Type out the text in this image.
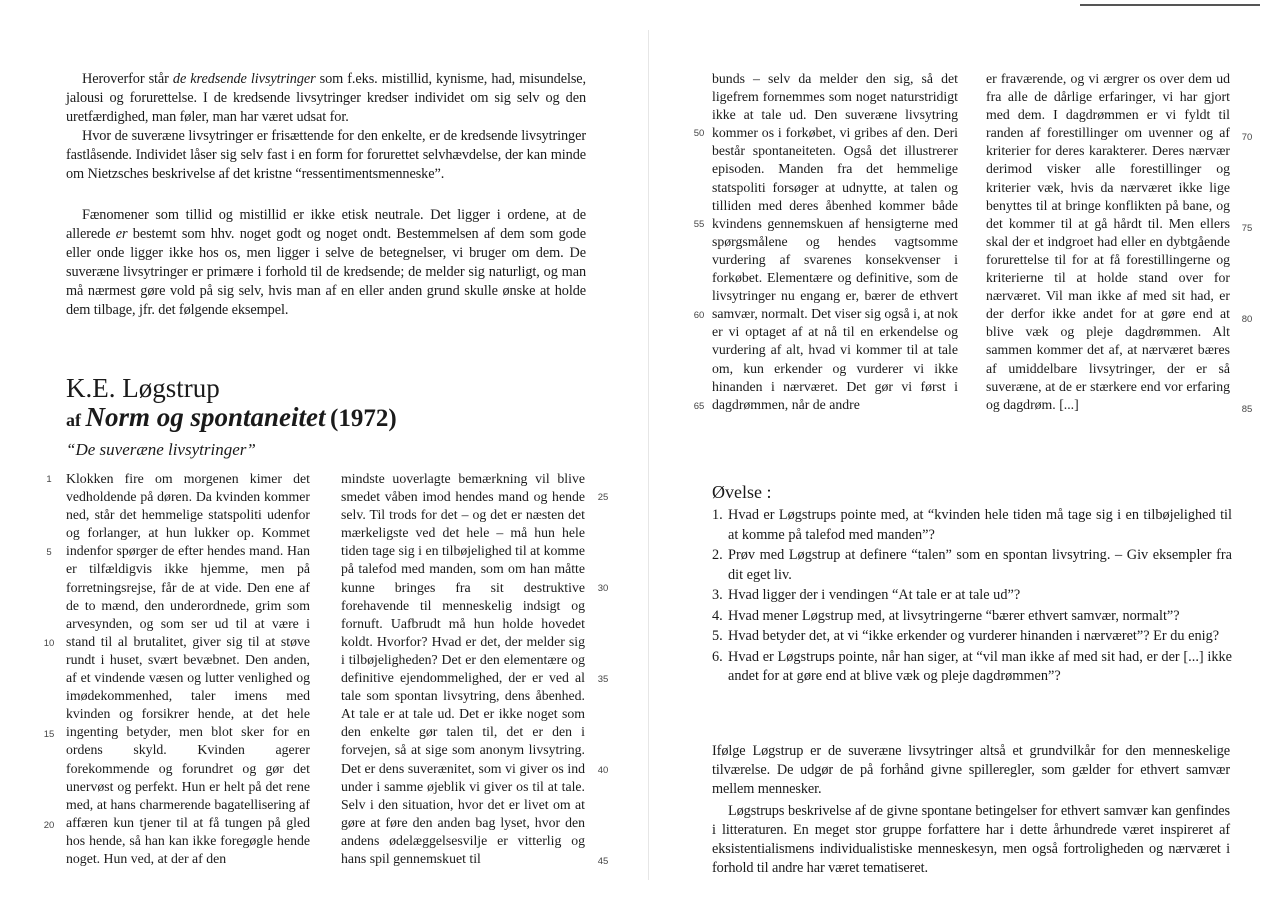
Heroverfor står de kredsende livsytringer som f.eks. mistillid, kynisme, had, misundelse, jalousi og forurettelse. I de kredsende livsytringer kredser individet om sig selv og den uretfærdighed, man føler, man har været udsat for.

Hvor de suveræne livsytringer er frisættende for den enkelte, er de kredsende livsytringer fastlåsende. Individet låser sig selv fast i en form for forurettet selvhævdelse, der kan minde om Nietzsches beskrivelse af det kristne “ressentimentsmenneske”.

Fænomener som tillid og mistillid er ikke etisk neutrale. Det ligger i ordene, at de allerede er bestemt som hhv. noget godt og noget ondt. Bestemmelsen af dem som gode eller onde ligger ikke hos os, men ligger i selve de betegnelser, vi bruger om dem. De suveræne livsytringer er primære i forhold til de kredsende; de melder sig naturligt, og man må nærmest gøre vold på sig selv, hvis man af en eller anden grund skulle ønske at holde dem tilbage, jfr. det følgende eksempel.

K.E. Løgstrup
af Norm og spontaneitet (1972)

“De suveræne livsytringer”

Klokken fire om morgenen kimer det vedholdende på døren. Da kvinden kommer ned, står det hemmelige statspoliti udenfor og forlanger, at hun lukker op. Kommet indenfor spørger de efter hendes mand. Han er tilfældigvis ikke hjemme, men på forretningsrejse, får de at vide. Den ene af de to mænd, den underordnede, grim som arvesynden, og som ser ud til at være i stand til al brutalitet, giver sig til at støve rundt i huset, svært bevæbnet. Den anden, af et vindende væsen og lutter venlighed og imødekommenhed, taler imens med kvinden og forsikrer hende, at det hele ingenting betyder, men blot sker for en ordens skyld. Kvinden agerer forekommende og forundret og gør det unervøst og perfekt. Hun er helt på det rene med, at hans charmerende bagatellisering af affæren kun tjener til at få tungen på gled hos hende, så han kan ikke foregøgle hende noget. Hun ved, at der af den

mindste uoverlagte bemærkning vil blive smedet våben imod hendes mand og hende selv. Til trods for det – og det er næsten det mærkeligste ved det hele – må hun hele tiden tage sig i en tilbøjelighed til at komme på talefod med manden, som om han måtte kunne bringes fra sit destruktive forehavende til menneskelig indsigt og fornuft. Uafbrudt må hun holde hovedet koldt. Hvorfor? Hvad er det, der melder sig i tilbøjeligheden? Det er den elementære og definitive ejendommelighed, der er ved al tale som spontan livsytring, dens åbenhed. At tale er at tale ud. Det er ikke noget som den enkelte gør talen til, det er den i forvejen, så at sige som anonym livsytring. Det er dens suverænitet, som vi giver os ind under i samme øjeblik vi giver os til at tale. Selv i den situation, hvor det er livet om at gøre at føre den anden bag lyset, hvor den andens ødelæggelsesvilje er vitterlig og hans spil gennemskuet til

1
5
10
15
20
25
30
35
40
45

bunds – selv da melder den sig, så det ligefrem fornemmes som noget naturstridigt ikke at tale ud. Den suveræne livsytring kommer os i forkøbet, vi gribes af den. Deri består spontaneiteten. Også det illustrerer episoden. Manden fra det hemmelige statspoliti forsøger at udnytte, at talen og tilliden med deres åbenhed kommer både kvindens gennemskuen af hensigterne med spørgsmålene og hendes vagtsomme vurdering af svarenes konsekvenser i forkøbet. Elementære og definitive, som de livsytringer nu engang er, bærer de ethvert samvær, normalt. Det viser sig også i, at nok er vi optaget af at nå til en erkendelse og vurdering af alt, hvad vi kommer til at tale om, kun erkender og vurderer vi ikke hinanden i nærværet. Det gør vi først i dagdrømmen, når de andre

er fraværende, og vi ærgrer os over dem ud fra alle de dårlige erfaringer, vi har gjort med dem. I dagdrømmen er vi fyldt til randen af forestillinger om uvenner og af kriterier for deres karakterer. Deres nærvær derimod visker alle forestillinger og kriterier væk, hvis da nærværet ikke lige benyttes til at bringe konflikten på bane, og det kommer til at gå hårdt til. Men ellers skal der et indgroet had eller en dybtgående forurettelse til for at få forestillingerne og kriterierne til at holde stand over for nærværet. Vil man ikke af med sit had, er der derfor ikke andet for at gøre end at blive væk og pleje dagdrømmen. Alt sammen kommer det af, at nærværet bæres af umiddelbare livsytringer, der er så suveræne, at de er stærkere end vor erfaring og dagdrøm. [...]

50
55
60
65
70
75
80
85
Øvelse :
1. Hvad er Løgstrups pointe med, at “kvinden hele tiden må tage sig i en tilbøjelighed til at komme på talefod med manden”?
2. Prøv med Løgstrup at definere “talen” som en spontan livsytring. – Giv eksempler fra dit eget liv.
3. Hvad ligger der i vendingen “At tale er at tale ud”?
4. Hvad mener Løgstrup med, at livsytringerne “bærer ethvert samvær, normalt”?
5. Hvad betyder det, at vi “ikke erkender og vurderer hinanden i nærværet”? Er du enig?
6. Hvad er Løgstrups pointe, når han siger, at “vil man ikke af med sit had, er der [...] ikke andet for at gøre end at blive væk og pleje dagdrømmen”?

Ifølge Løgstrup er de suveræne livsytringer altså et grundvilkår for den menneskelige tilværelse. De udgør de på forhånd givne spilleregler, som gælder for ethvert samvær mellem mennesker.

Løgstrups beskrivelse af de givne spontane betingelser for ethvert samvær kan genfindes i litteraturen. En meget stor gruppe forfattere har i dette århundrede været inspireret af eksistentialismens individualistiske menneskesyn, men også fortroligheden og nærværet i forhold til andre har været tematiseret.
